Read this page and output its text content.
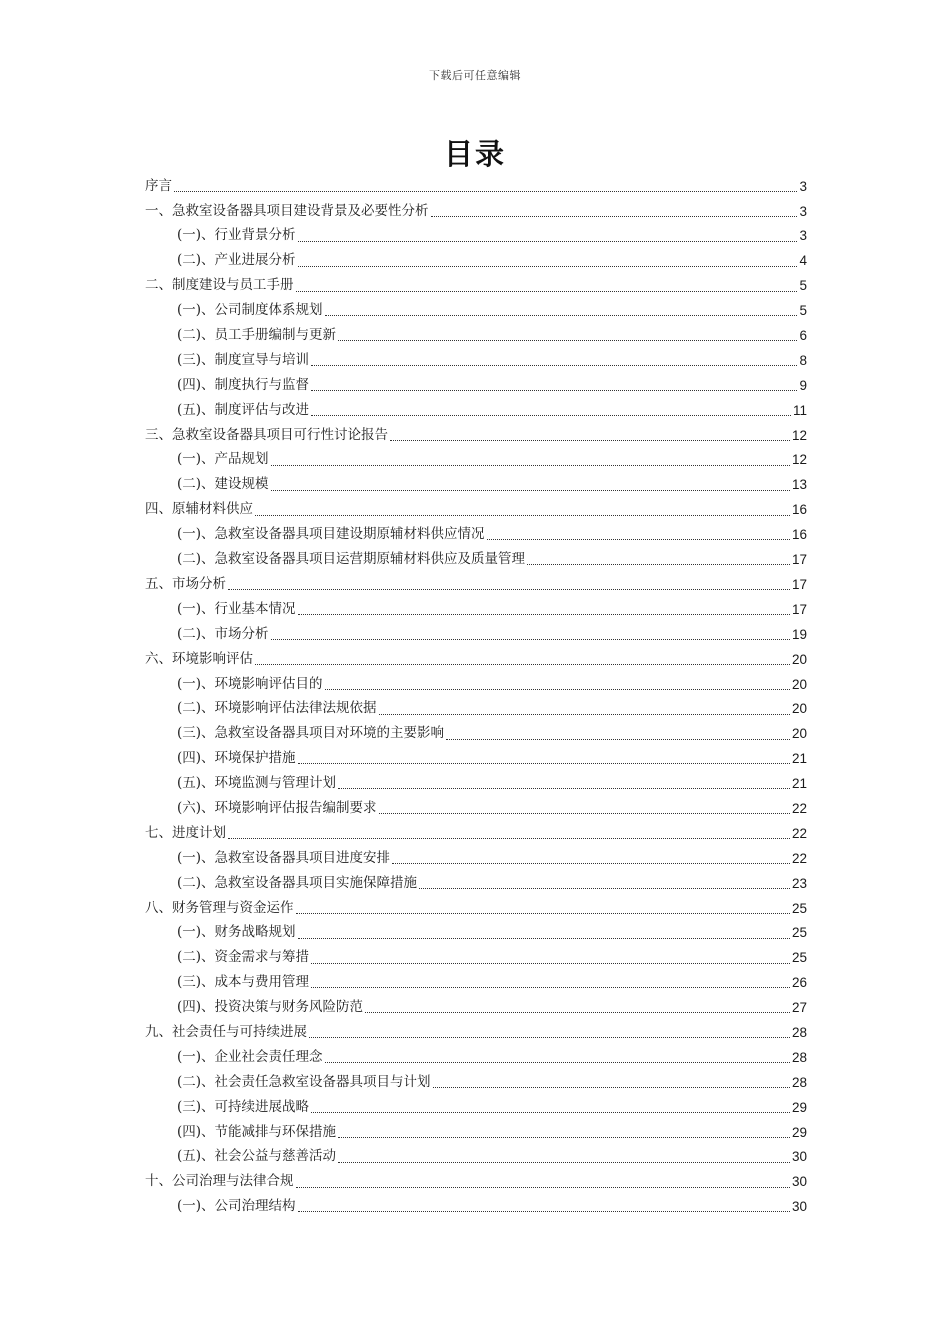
下载后可任意编辑
目录
序言	3
一、急救室设备器具项目建设背景及必要性分析	3
(一)、行业背景分析	3
(二)、产业进展分析	4
二、制度建设与员工手册	5
(一)、公司制度体系规划	5
(二)、员工手册编制与更新	6
(三)、制度宣导与培训	8
(四)、制度执行与监督	9
(五)、制度评估与改进	11
三、急救室设备器具项目可行性讨论报告	12
(一)、产品规划	12
(二)、建设规模	13
四、原辅材料供应	16
(一)、急救室设备器具项目建设期原辅材料供应情况	16
(二)、急救室设备器具项目运营期原辅材料供应及质量管理	17
五、市场分析	17
(一)、行业基本情况	17
(二)、市场分析	19
六、环境影响评估	20
(一)、环境影响评估目的	20
(二)、环境影响评估法律法规依据	20
(三)、急救室设备器具项目对环境的主要影响	20
(四)、环境保护措施	21
(五)、环境监测与管理计划	21
(六)、环境影响评估报告编制要求	22
七、进度计划	22
(一)、急救室设备器具项目进度安排	22
(二)、急救室设备器具项目实施保障措施	23
八、财务管理与资金运作	25
(一)、财务战略规划	25
(二)、资金需求与筹措	25
(三)、成本与费用管理	26
(四)、投资决策与财务风险防范	27
九、社会责任与可持续进展	28
(一)、企业社会责任理念	28
(二)、社会责任急救室设备器具项目与计划	28
(三)、可持续进展战略	29
(四)、节能减排与环保措施	29
(五)、社会公益与慈善活动	30
十、公司治理与法律合规	30
(一)、公司治理结构	30
